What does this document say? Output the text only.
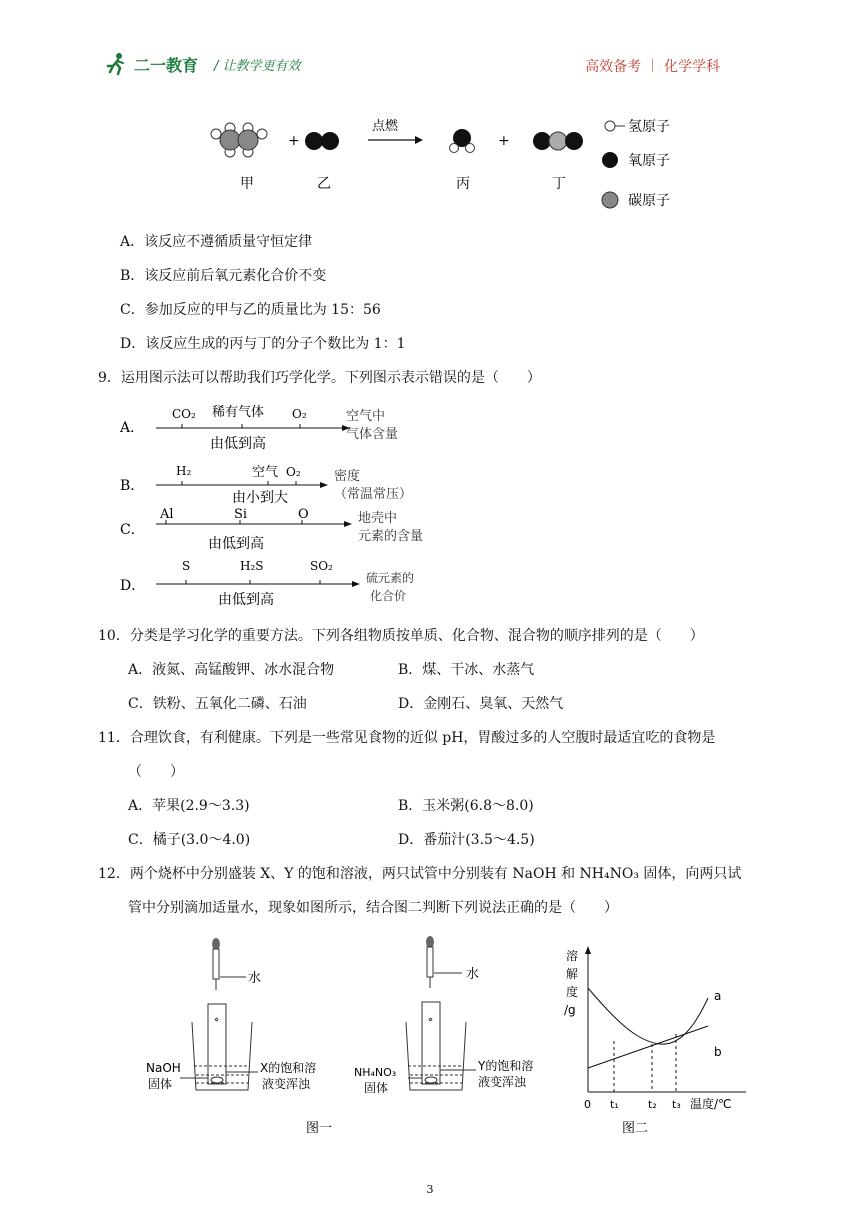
二一教育 / 让教学更有效	高效备考 ｜ 化学学科
+
点燃
+
氢原子
氧原子
碳原子
甲	乙	丙	丁
A．该反应不遵循质量守恒定律
B．该反应前后氧元素化合价不变
C．参加反应的甲与乙的质量比为 15：56
D．该反应生成的丙与丁的分子个数比为 1：1
9．运用图示法可以帮助我们巧学化学。下列图示表示错误的是（　　）
A．
CO₂ 稀有气体 O₂
由低到高
空气中
气体含量
B．
H₂	空气 O₂
由小到大
密度
（常温常压）
C．
Al	Si	O
由低到高
地壳中
元素的含量
D．
S	H₂S	SO₂
由低到高
硫元素的
化合价
10．分类是学习化学的重要方法。下列各组物质按单质、化合物、混合物的顺序排列的是（　　）
A．液氮、高锰酸钾、冰水混合物	B．煤、干冰、水蒸气
C．铁粉、五氧化二磷、石油	D．金刚石、臭氧、天然气
11．合理饮食，有利健康。下列是一些常见食物的近似 pH，胃酸过多的人空腹时最适宜吃的食物是
（　　）
A．苹果(2.9～3.3)	B．玉米粥(6.8～8.0)
C．橘子(3.0～4.0)	D．番茄汁(3.5～4.5)
12．两个烧杯中分别盛装 X、Y 的饱和溶液，两只试管中分别装有 NaOH 和 NH₄NO₃ 固体，向两只试
管中分别滴加适量水，现象如图所示，结合图二判断下列说法正确的是（　　）
水
⋄
NaOH
固体
X的饱和溶
液变浑浊
水
⋄
NH₄NO₃
固体
Y的饱和溶
液变浑浊
图一
溶
解
度
/g
a
b
0 t₁	t₂ t₃ 温度/℃
图二
3
